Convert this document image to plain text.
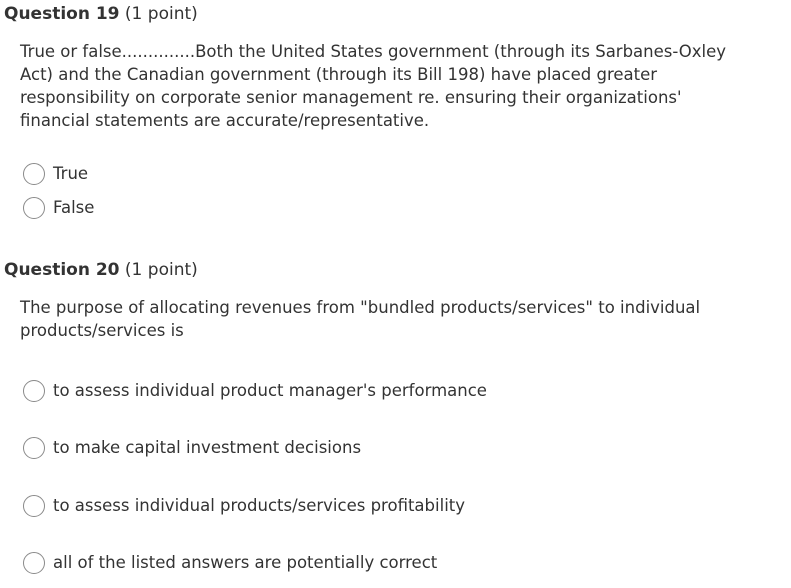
Question 19 (1 point)
True or false..............Both the United States government (through its Sarbanes-Oxley
Act) and the Canadian government (through its Bill 198) have placed greater
responsibility on corporate senior management re. ensuring their organizations'
financial statements are accurate/representative.
True
False
Question 20 (1 point)
The purpose of allocating revenues from "bundled products/services" to individual
products/services is
to assess individual product manager's performance
to make capital investment decisions
to assess individual products/services profitability
all of the listed answers are potentially correct
